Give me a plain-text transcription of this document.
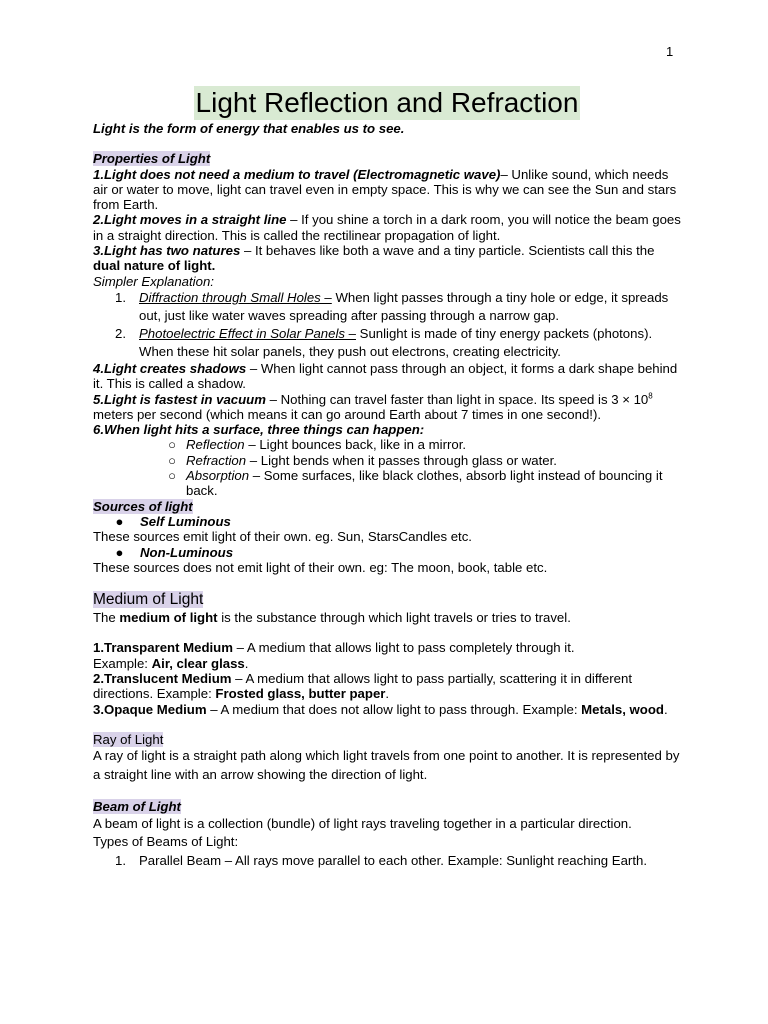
1
Light Reflection and Refraction

Light is the form of energy that enables us to see.

Properties of Light

1.Light does not need a medium to travel (Electromagnetic wave)– Unlike sound, which needs air or water to move, light can travel even in empty space. This is why we can see the Sun and stars from Earth.

2.Light moves in a straight line – If you shine a torch in a dark room, you will notice the beam goes in a straight direction. This is called the rectilinear propagation of light.

3.Light has two natures – It behaves like both a wave and a tiny particle. Scientists call this the dual nature of light.

Simpler Explanation:

1. Diffraction through Small Holes – When light passes through a tiny hole or edge, it spreads out, just like water waves spreading after passing through a narrow gap.
2. Photoelectric Effect in Solar Panels – Sunlight is made of tiny energy packets (photons). When these hit solar panels, they push out electrons, creating electricity.

4.Light creates shadows – When light cannot pass through an object, it forms a dark shape behind it. This is called a shadow.

5.Light is fastest in vacuum – Nothing can travel faster than light in space. Its speed is $3 \times 10^8$ meters per second (which means it can go around Earth about 7 times in one second!).

6.When light hits a surface, three things can happen:

○ Reflection – Light bounces back, like in a mirror.
○ Refraction – Light bends when it passes through glass or water.
○ Absorption – Some surfaces, like black clothes, absorb light instead of bouncing it back.

Sources of light

●	Self Luminous

These sources emit light of their own. eg. Sun, StarsCandles etc.

●	Non-Luminous

These sources does not emit light of their own. eg: The moon, book, table etc.

Medium of Light

The medium of light is the substance through which light travels or tries to travel.

1.Transparent Medium – A medium that allows light to pass completely through it.

Example: Air, clear glass.

2.Translucent Medium – A medium that allows light to pass partially, scattering it in different directions. Example: Frosted glass, butter paper.

3.Opaque Medium – A medium that does not allow light to pass through. Example: Metals, wood.

Ray of Light

A ray of light is a straight path along which light travels from one point to another. It is represented by a straight line with an arrow showing the direction of light.

Beam of Light

A beam of light is a collection (bundle) of light rays traveling together in a particular direction.

Types of Beams of Light:

1. Parallel Beam – All rays move parallel to each other. Example: Sunlight reaching Earth.
